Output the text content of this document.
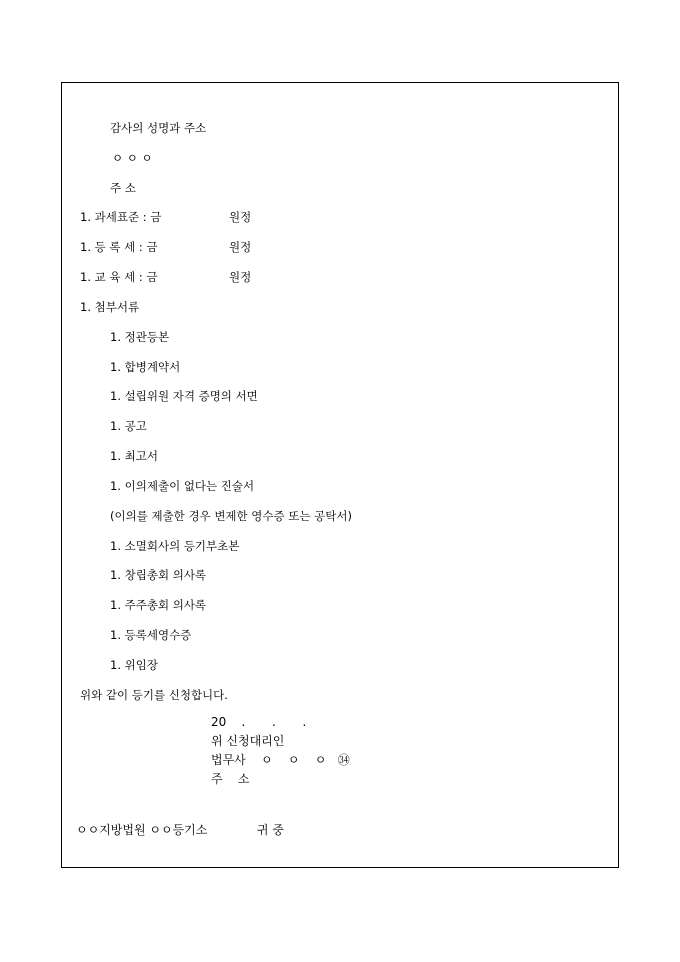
감사의 성명과 주소
ㅇ ㅇ ㅇ
주 소
1. 과세표준 : 금	원정
1. 등 록 세 : 금	원정
1. 교 육 세 : 금	원정
1. 첨부서류
1. 정관등본
1. 합병계약서
1. 설립위원 자격 증명의 서면
1. 공고
1. 최고서
1. 이의제출이 없다는 진술서
(이의를 제출한 경우 변제한 영수증 또는 공탁서)
1. 소멸회사의 등기부초본
1. 창립총회 의사록
1. 주주총회 의사록
1. 등록세영수증
1. 위임장
위와 같이 등기를 신청합니다.
20    .       .       .
위 신청대리인
법무사    ㅇ    ㅇ    ㅇ   ㉞
주    소
ㅇㅇ지방법원 ㅇㅇ등기소             귀 중
